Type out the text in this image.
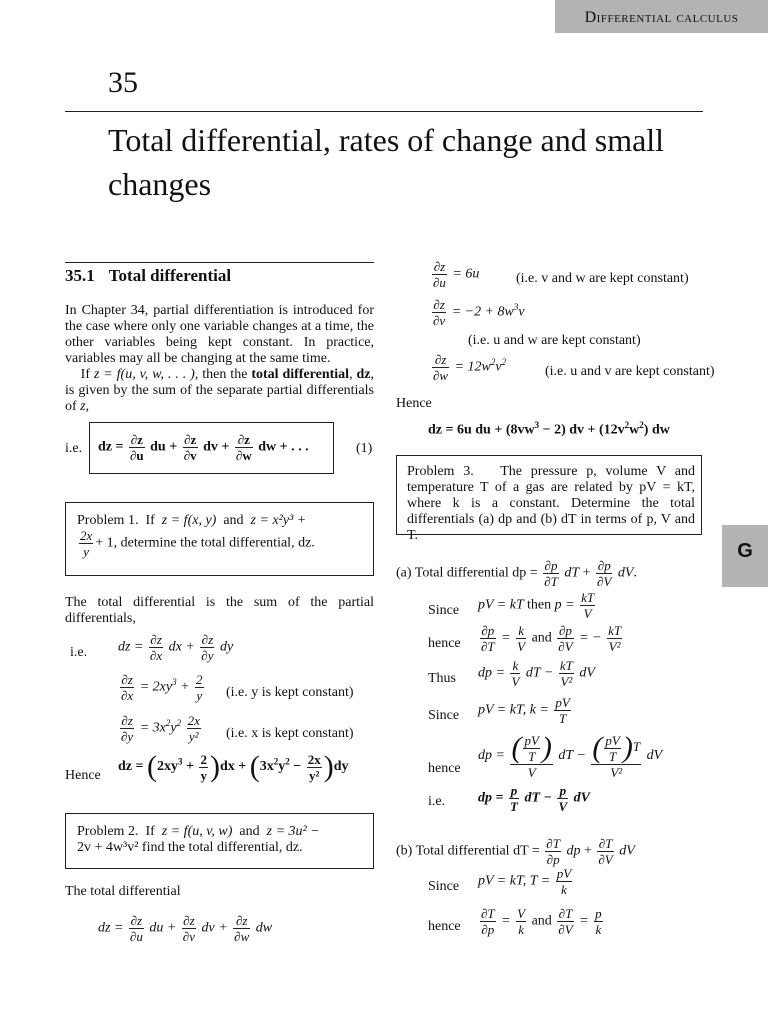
Differential calculus
G
35
Total differential, rates of change and small changes
35.1 Total differential
In Chapter 34, partial differentiation is introduced for the case where only one variable changes at a time, the other variables being kept constant. In practice, variables may all be changing at the same time.
If z = f(u, v, w, . . . ), then the total differential, dz, is given by the sum of the separate partial differentials of z,
i.e. dz = $\frac{\partial z}{\partial u}$ du + $\frac{\partial z}{\partial v}$ dv + $\frac{\partial z}{\partial w}$ dw + . . .	(1)
Problem 1. If z = f(x, y) and z = x²y³ +
$\frac{2x}{y} + 1$, determine the total differential, dz.
The total differential is the sum of the partial differentials,
i.e. dz = $\frac{\partial z}{\partial x}$ dx + $\frac{\partial z}{\partial y}$ dy
$\frac{\partial z}{\partial x} = 2xy^3 + \frac{2}{y} (i.e$. y is kept constant)
$\frac{\partial z}{\partial y} = 3x^2y^2 \frac{2x}{\text{y²}} (i.e$. x is kept constant)
Hence
dz = $(2xy^3 + \frac{2}{y} )dx + (3x^2y^2 - \frac{2x}{\text{y²}} )dy$
Problem 2. If z = f(u, v, w) and z = 3u² −
2v + 4w³v² find the total differential, dz.
The total differential
dz = $\frac{\partial z}{\partial u}$ du + $\frac{\partial z}{\partial v}$ dv + $\frac{\partial z}{\partial w}$ dw
$\frac{\partial z}{\partial u} = 6u$	(i.e. v and w are kept constant)
$\frac{\partial z}{\partial v} = -2 + 8w^3v$
(i.e. u and w are kept constant)
$\frac{\partial z}{\partial w} = 12w^2v^2$
(i.e. u and v are kept constant)
Hence
dz = 6u du + $(8vw^3 - 2)$ dv + $(12v^2w^2)$ dw
Problem 3. The pressure p, volume V and temperature T of a gas are related by pV = kT, where k is a constant. Determine the total differentials (a) dp and (b) dT in terms of p, V and T.
(a) Total differential dp = $\frac{\partial p}{\partial T}$ dT + $\frac{\partial p}{\partial V}$ dV.
Since pV = kT then $p = \frac{kT}{V}$
hence $\frac{\partial p}{\partial T} = \frac{k}{V}$ and $\frac{\partial p}{\partial V}$ = − $\frac{kT}{\text{V²}}$
Thus dp = $\frac{k}{V}$ dT − $\frac{kT}{\text{V²}}$ dV
Since pV = kT, $k = \frac{pV}{T}$
hence
dp = $\frac{( \frac{pV}{T} )}{V}$ dT − $\frac{( \frac{pV}{T} )T}{\text{V²}}$ dV
i.e. dp = $\frac{p}{T}$ dT − $\frac{p}{V}$ dV
(b) Total differential dT = $\frac{\partial T}{\partial p}$ dp + $\frac{\partial T}{\partial V}$ dV
Since pV = kT, $T = \frac{pV}{k}$
hence $\frac{\partial T}{\partial p} = \frac{V}{k}$ and $\frac{\partial T}{\partial V} = \frac{p}{k}$
